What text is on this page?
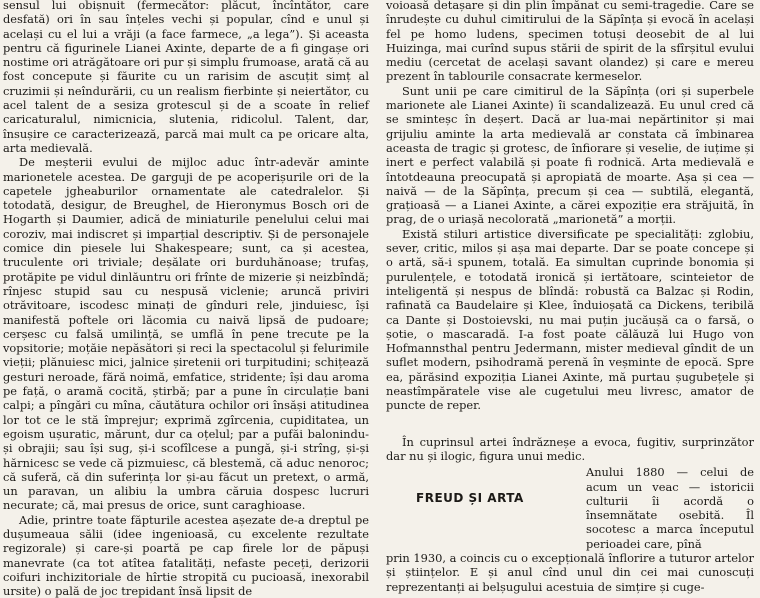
sensul lui obișnuit (fermecător: plăcut, încîntător, care desfată) ori în sau înțeles vechi și popular, cînd e unul și același cu el lui a vrăji (a face farmece, „a lega”). Și aceasta pentru că figurinele Lianei Axinte, departe de a fi gingașe ori nostime ori atrăgătoare ori pur și simplu frumoase, arată că au fost concepute și făurite cu un rarisim de ascuțit simț al cruzimii și neîndurării, cu un realism fierbinte și neiertător, cu acel talent de a sesiza grotescul și de a scoate în relief caricaturalul, nimicnicia, slutenia, ridicolul. Talent, dar, însușire ce caracterizează, parcă mai mult ca pe oricare alta, arta medievală.

De meșterii evului de mijloc aduc într-adevăr aminte marionetele acestea. De garguji de pe acoperișurile ori de la capetele jgheaburilor ornamentate ale catedralelor. Și totodată, desigur, de Breughel, de Hieronymus Bosch ori de Hogarth și Daumier, adică de miniaturile penelului celui mai coroziv, mai indiscret și imparțial descriptiv. Și de personajele comice din piesele lui Shakespeare; sunt, ca și acestea, truculente ori triviale; deșălate ori burduhănoase; trufaș, protăpite pe vidul dinlăuntru ori frînte de mizerie și neizbîndă; rînjesc stupid sau cu nespusă viclenie; aruncă priviri otrăvitoare, iscodesc minați de gînduri rele, jinduiesc, își manifestă poftele ori lăcomia cu naivă lipsă de pudoare; cerșesc cu falsă umilință, se umflă în pene trecute pe la vopsitorie; moțăie nepăsători și reci la spectacolul și felurimile vieții; plănuiesc mici, jalnice șiretenii ori turpitudini; schițează gesturi neroade, fără noimă, emfatice, stridente; își dau aroma pe față, o aramă cocită, știrbă; par a pune în circulație bani calpi; a pîngări cu mîna, căutătura ochilor ori însăși atitudinea lor tot ce le stă împrejur; exprimă zgîrcenia, cupiditatea, un egoism ușuratic, mărunt, dur ca oțelul; par a pufăi balonindu-și obrajii; sau își sug, și-i scofîlcese a pungă, și-i strîng, și-și hărnicesc se vede că pizmuiesc, că blestemă, că aduc nenoroc; că suferă, că din suferința lor și-au făcut un pretext, o armă, un paravan, un alibiu la umbra căruia dospesc lucruri necurate; că, mai presus de orice, sunt caraghioase.

Adie, printre toate făpturile acestea așezate de-a dreptul pe dușumeaua sălii (idee ingenioasă, cu excelente rezultate regizorale) și care-și poartă pe cap firele lor de păpuși manevrate (ca tot atîtea fatalități, nefaste peceți, derizorii coifuri inchizitoriale de hîrtie stropită cu pucioasă, inexorabil ursite) o pală de joc trepidant însă lipsit de

voioasă detașare și din plin împănat cu semi-tragedie. Care se înrudește cu duhul cimitirului de la Săpînța și evocă în același fel pe homo ludens, specimen totuși deosebit de al lui Huizinga, mai curînd supus stării de spirit de la sfîrșitul evului mediu (cercetat de același savant olandez) și care e mereu prezent în tablourile consacrate kermeselor.

Sunt unii pe care cimitirul de la Săpînța (ori și superbele marionete ale Lianei Axinte) îi scandalizează. Eu unul cred că se sminteșc în deșert. Dacă ar lua-mai nepărtinitor și mai grijuliu aminte la arta medievală ar constata că îmbinarea aceasta de tragic și grotesc, de înfiorare și veselie, de iuțime și inert e perfect valabilă și poate fi rodnică. Arta medievală e întotdeauna preocupată și apropiată de moarte. Așa și cea — naivă — de la Săpînța, precum și cea — subtilă, elegantă, grațioasă — a Lianei Axinte, a cărei expoziție era străjuită, în prag, de o uriașă necolorată „marionetă” a morții.

Există stiluri artistice diversificate pe specialități: zglobiu, sever, critic, milos și așa mai departe. Dar se poate concepe și o artă, să-i spunem, totală. Ea simultan cuprinde bonomia și purulențele, e totodată ironică și iertătoare, scinteietor de inteligentă și nespus de blîndă: robustă ca Balzac și Rodin, rafinată ca Baudelaire și Klee, înduioșată ca Dickens, teribilă ca Dante și Dostoievski, nu mai puțin jucăușă ca o farsă, o șotie, o mascaradă. I-a fost poate călăuză lui Hugo von Hofmannsthal pentru Jedermann, mister medieval gîndit de un suflet modern, psihodramă perenă în veșminte de epocă. Spre ea, părăsind expoziția Lianei Axinte, mă purtau șugubețele și neastîmpăratele vise ale cugetului meu livresc, amator de puncte de reper.

În cuprinsul artei îndrăzneșe a evoca, fugitiv, surprinzător dar nu și ilogic, figura unui medic.

FREUD ȘI ARTA

Anului 1880 — celui de acum un veac — istoricii culturii îi acordă o însemnătate osebită. Îl socotesc a marca începutul perioadei care, pînă

prin 1930, a coincis cu o excepțională înflorire a tuturor artelor și științelor. E și anul cînd unul din cei mai cunoscuți reprezentanți ai belșugului acestuia de simțire și cuge-
